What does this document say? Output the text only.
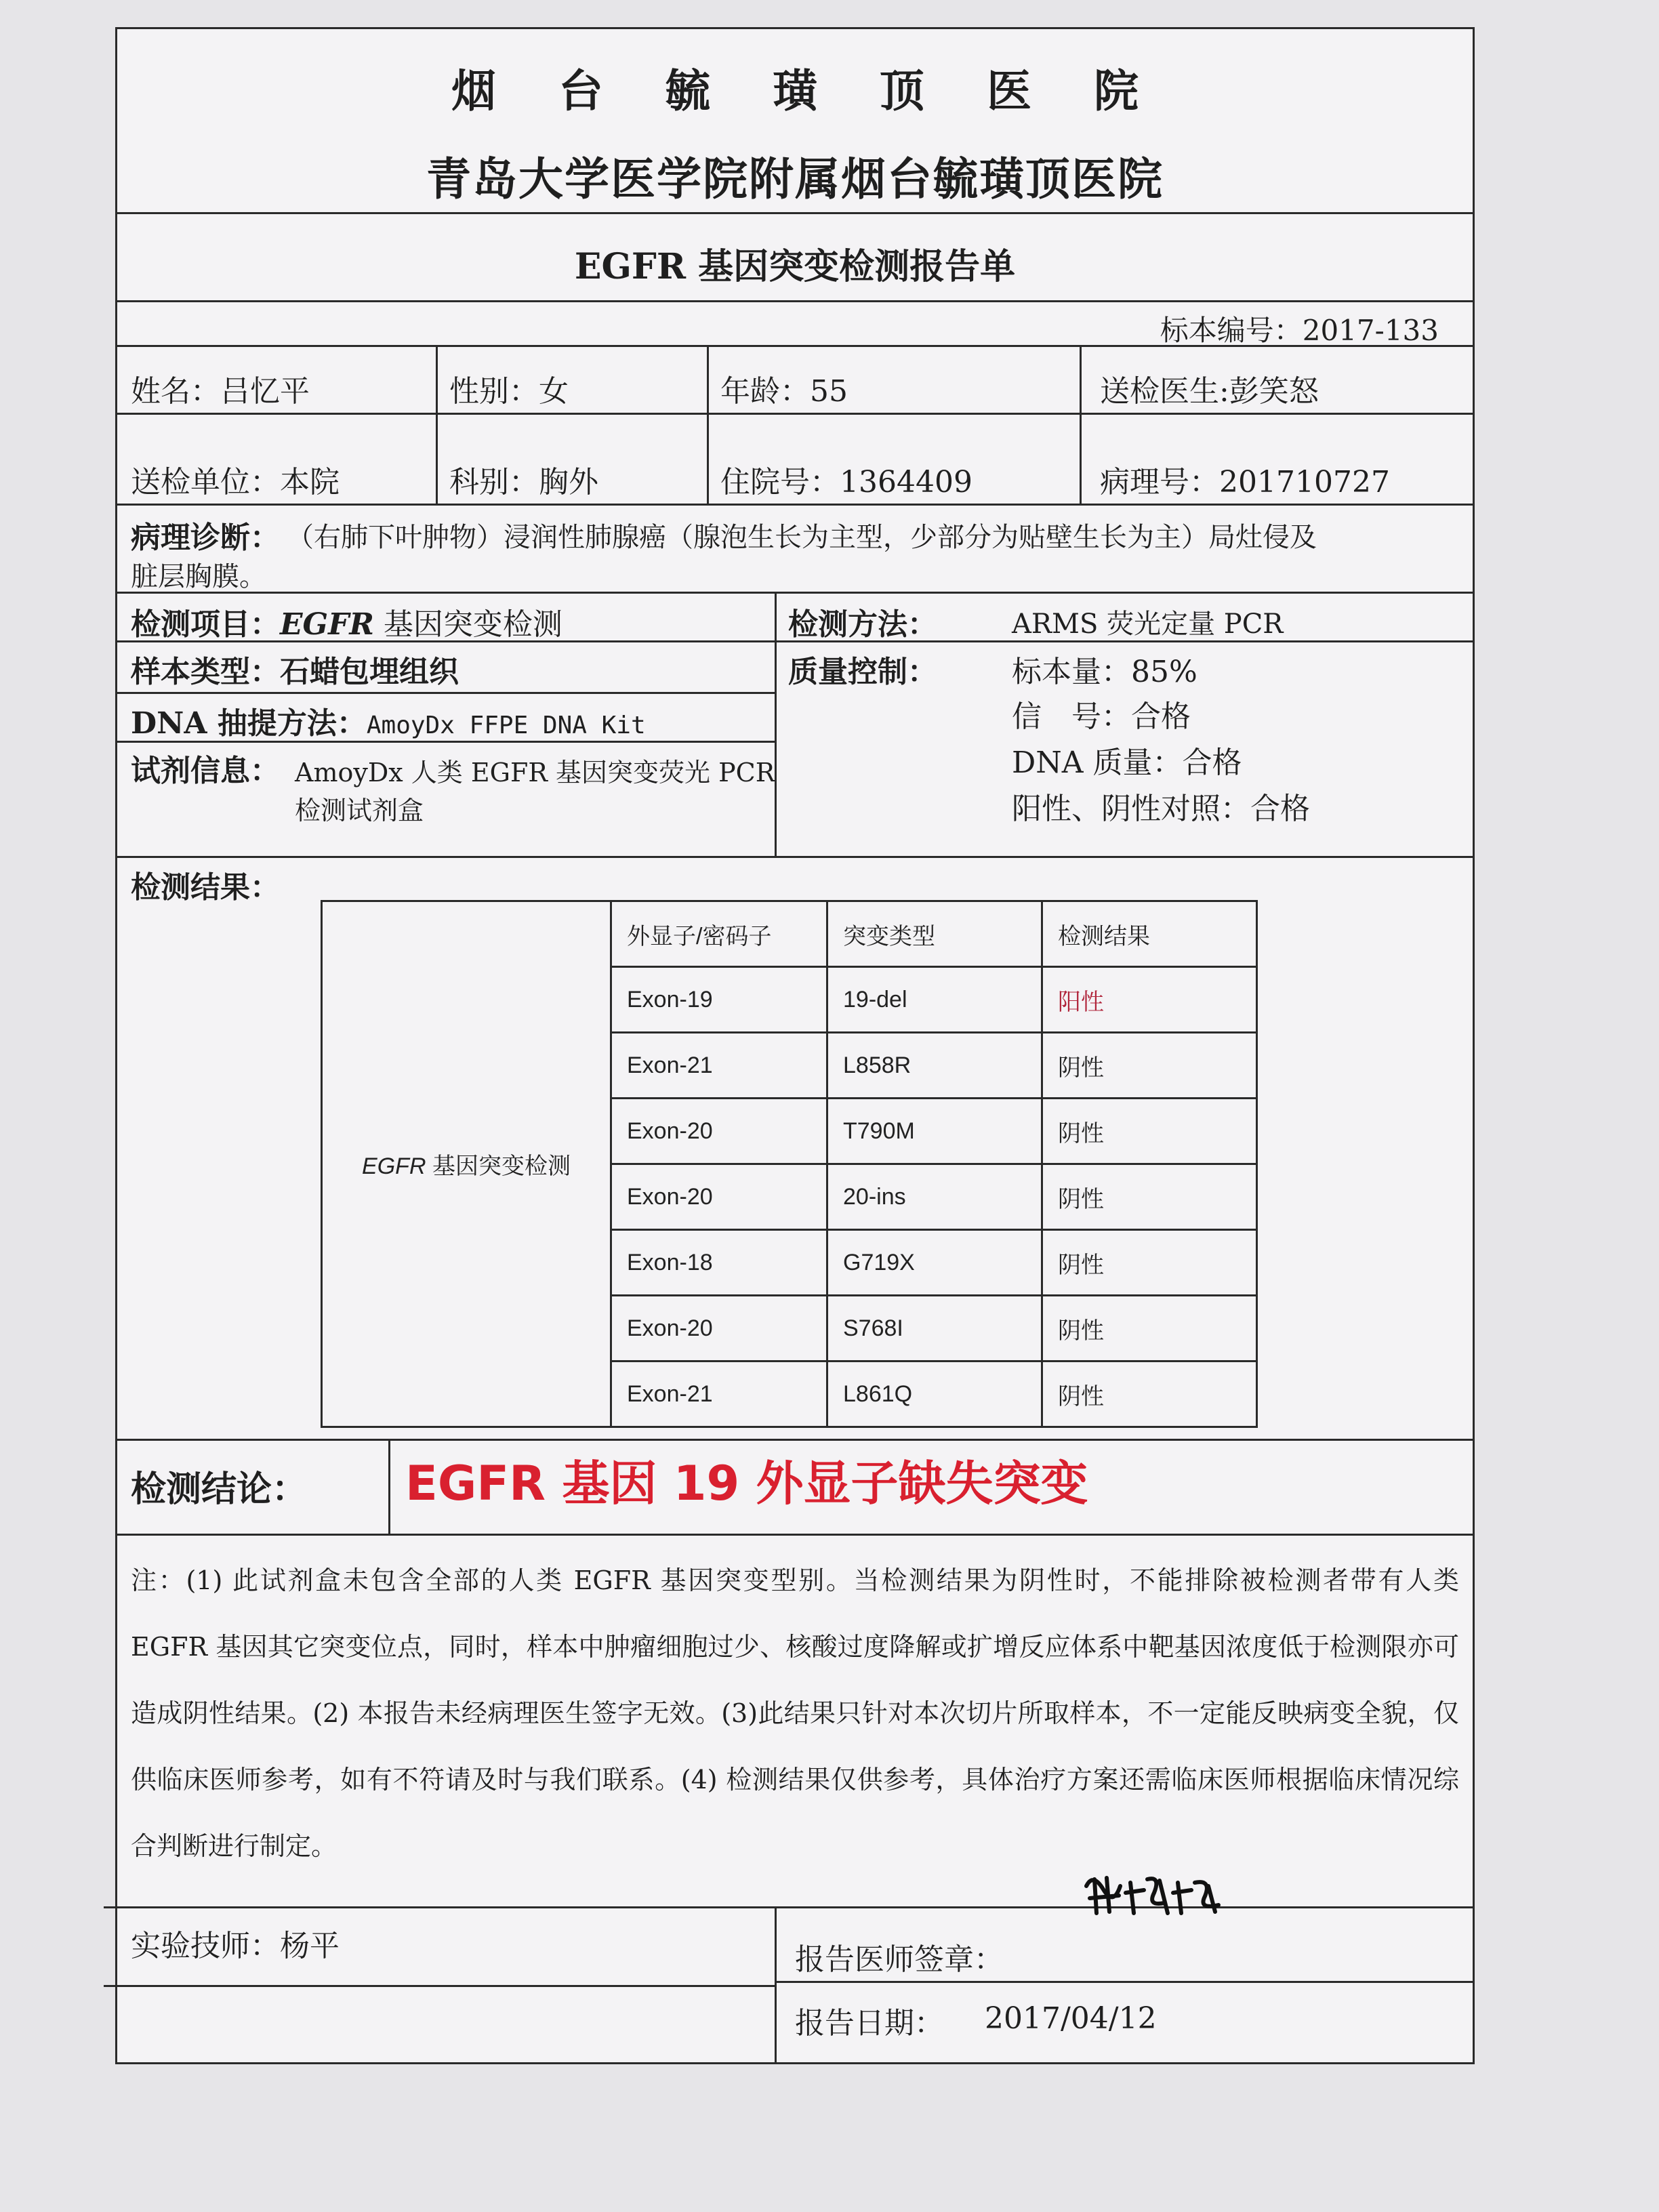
烟台毓璜顶医院
青岛大学医学院附属烟台毓璜顶医院
EGFR 基因突变检测报告单
标本编号：2017-133
姓名：吕忆平	性别：女	年龄：55	送检医生:彭笑怒
送检单位：本院	科别：胸外	住院号：1364409	病理号：201710727
病理诊断： （右肺下叶肿物）浸润性肺腺癌（腺泡生长为主型，少部分为贴壁生长为主）局灶侵及
脏层胸膜。
检测项目：EGFR 基因突变检测
样本类型：石蜡包埋组织
DNA 抽提方法：AmoyDx FFPE DNA Kit
试剂信息： AmoyDx 人类 EGFR 基因突变荧光 PCR
检测试剂盒
检测方法：	ARMS 荧光定量 PCR
质量控制：	标本量：85%
信　号：合格
DNA 质量：合格
阳性、阴性对照：合格
检测结果：
EGFR 基因突变检测	外显子/密码子	突变类型	检测结果
	Exon-19	19-del	阳性
	Exon-21	L858R	阴性
	Exon-20	T790M	阴性
	Exon-20	20-ins	阴性
	Exon-18	G719X	阴性
	Exon-20	S768I	阴性
	Exon-21	L861Q	阴性
检测结论： EGFR 基因 19 外显子缺失突变
注：(1) 此试剂盒未包含全部的人类 EGFR 基因突变型别。当检测结果为阴性时，不能排除被检测者带有人类 EGFR 基因其它突变位点，同时，样本中肿瘤细胞过少、核酸过度降解或扩增反应体系中靶基因浓度低于检测限亦可造成阴性结果。(2) 本报告未经病理医生签字无效。(3)此结果只针对本次切片所取样本，不一定能反映病变全貌，仅供临床医师参考，如有不符请及时与我们联系。(4) 检测结果仅供参考，具体治疗方案还需临床医师根据临床情况综合判断进行制定。
实验技师：杨平	报告医师签章：
报告日期： 2017/04/12
